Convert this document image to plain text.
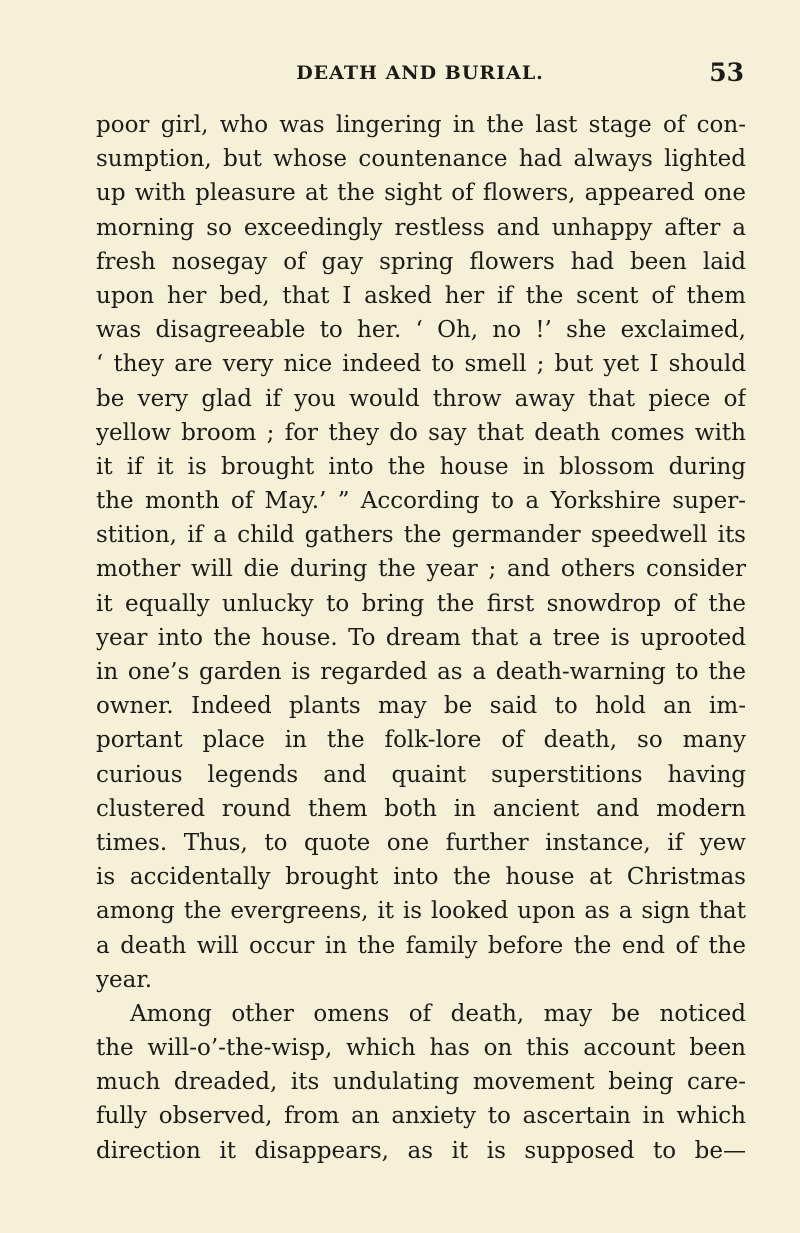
DEATH AND BURIAL.	53
poor girl, who was lingering in the last stage of con-
sumption, but whose countenance had always lighted
up with pleasure at the sight of flowers, appeared one
morning so exceedingly restless and unhappy after a
fresh nosegay of gay spring flowers had been laid
upon her bed, that I asked her if the scent of them
was disagreeable to her. ‘ Oh, no !’ she exclaimed,
‘ they are very nice indeed to smell ; but yet I should
be very glad if you would throw away that piece of
yellow broom ; for they do say that death comes with
it if it is brought into the house in blossom during
the month of May.’ ” According to a Yorkshire super-
stition, if a child gathers the germander speedwell its
mother will die during the year ; and others consider
it equally unlucky to bring the first snowdrop of the
year into the house. To dream that a tree is uprooted
in one’s garden is regarded as a death-warning to the
owner. Indeed plants may be said to hold an im-
portant place in the folk-lore of death, so many
curious legends and quaint superstitions having
clustered round them both in ancient and modern
times. Thus, to quote one further instance, if yew
is accidentally brought into the house at Christmas
among the evergreens, it is looked upon as a sign that
a death will occur in the family before the end of the
year.
Among other omens of death, may be noticed
the will-o’-the-wisp, which has on this account been
much dreaded, its undulating movement being care-
fully observed, from an anxiety to ascertain in which
direction it disappears, as it is supposed to be—
